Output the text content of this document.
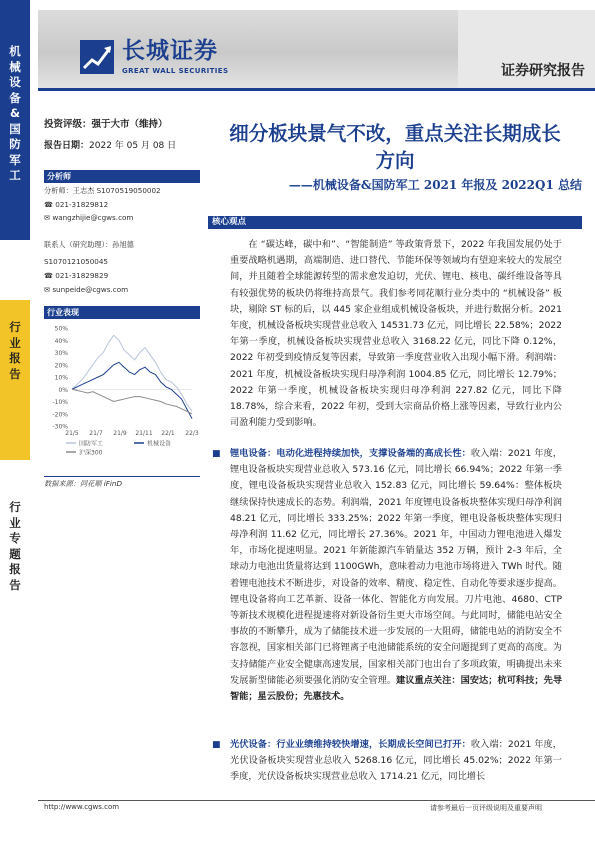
机
械
设
备
&
国
防
军
工
行
业
报
告
行
业
专
题
报
告
长城证券
GREAT WALL SECURITIES	证券研究报告
投资评级：强于大市（维持）
报告日期：2022 年 05 月 08 日
分析师
分析师：王志杰 S1070519050002
☎ 021-31829812
✉ wangzhijie@cgws.com
联系人（研究助理）：孙旭德
S1070121050045
☎ 021-31829829
✉ sunpeide@cgws.com
行业表现
50%
40%
30%
20%
10%
0%
-10%
-20%
-30%
21/5 21/7 21/9 21/11 22/1 22/3
国防军工	机械设备
沪深300
数据来源：同花顺 iFinD
细分板块景气不改，重点关注长期成长
方向
——机械设备&国防军工 2021 年报及 2022Q1 总结
核心观点
在 “碳达峰，碳中和”、“智能制造” 等政策背景下，2022 年我国发展仍处于重要战略机遇期，高端制造、进口替代、节能环保等领域均有望迎来较大的发展空间，并且随着全球能源转型的需求愈发迫切，光伏、锂电、核电、碳纤维设备等具有较强优势的板块仍将维持高景气。我们参考同花顺行业分类中的 “机械设备” 板块，剔除 ST 标的后，以 445 家企业组成机械设备板块，并进行数据分析。2021 年度，机械设备板块实现营业总收入 14531.73 亿元，同比增长 22.58%；2022 年第一季度，机械设备板块实现营业总收入 3168.22 亿元，同比下降 0.12%，2022 年初受到疫情反复等因素，导致第一季度营业收入出现小幅下滑。利润端：2021 年度，机械设备板块实现归母净利润 1004.85 亿元，同比增长 12.79%；2022 年第一季度，机械设备板块实现归母净利润 227.82 亿元，同比下降 18.78%，综合来看，2022 年初，受到大宗商品价格上涨等因素，导致行业内公司盈利能力受到影响。
■ 锂电设备：电动化进程持续加快，支撑设备端的高成长性：收入端：2021 年度，锂电设备板块实现营业总收入 573.16 亿元，同比增长 66.94%；2022 年第一季度，锂电设备板块实现营业总收入 152.83 亿元，同比增长 59.64%：整体板块继续保持快速成长的态势。利润端，2021 年度锂电设备板块整体实现归母净利润 48.21 亿元，同比增长 333.25%；2022 年第一季度，锂电设备板块整体实现归母净利润 11.62 亿元，同比增长 27.36%。2021 年，中国动力锂电池进入爆发年，市场化提速明显。2021 年新能源汽车销量达 352 万辆，预计 2-3 年后，全球动力电池出货量将达到 1100GWh，意味着动力电池市场将进入 TWh 时代。随着锂电池技术不断进步，对设备的效率、精度、稳定性、自动化等要求逐步提高。锂电设备将向工艺革新、设备一体化、智能化方向发展。刀片电池、4680、CTP 等新技术规模化进程提速将对新设备衍生更大市场空间。与此同时，储能电站安全事故的不断攀升，成为了储能技术进一步发展的一大阻碍，储能电站的消防安全不容忽视，国家相关部门已将锂离子电池储能系统的安全问题提到了更高的高度。为支持储能产业安全健康高速发展，国家相关部门也出台了多项政策，明确提出未来发展新型储能必须要强化消防安全管理。建议重点关注：国安达；杭可科技；先导智能；星云股份；先惠技术。
■ 光伏设备：行业业绩维持较快增速，长期成长空间已打开：收入端：2021 年度，光伏设备板块实现营业总收入 5268.16 亿元，同比增长 45.02%；2022 年第一季度，光伏设备板块实现营业总收入 1714.21 亿元，同比增长
http://www.cgws.com	请参考最后一页评级说明及重要声明
